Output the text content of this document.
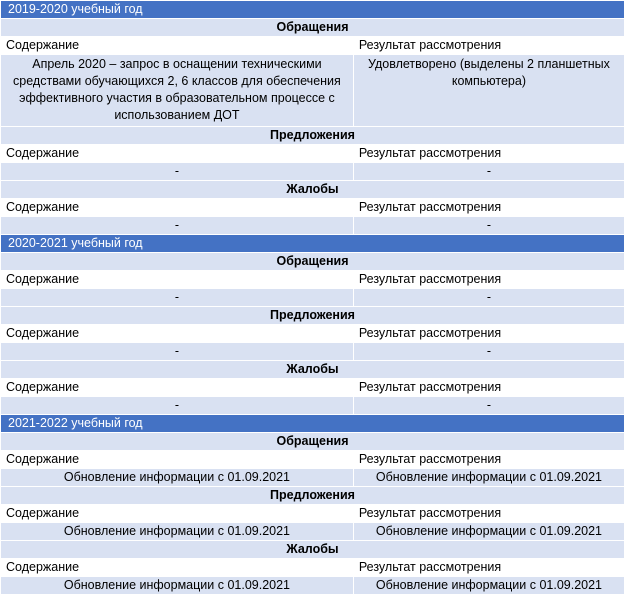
2019-2020 учебный год	
Обращения	
Содержание	Результат рассмотрения
Апрель 2020 – запрос в оснащении техническими средствами обучающихся 2, 6 классов для обеспечения эффективного участия в образовательном процессе с использованием ДОТ	Удовлетворено (выделены 2 планшетных компьютера)
Предложения	
Содержание	Результат рассмотрения
-	-
Жалобы	
Содержание	Результат рассмотрения
-	-
2020-2021 учебный год	
Обращения	
Содержание	Результат рассмотрения
-	-
Предложения	
Содержание	Результат рассмотрения
-	-
Жалобы	
Содержание	Результат рассмотрения
-	-
2021-2022 учебный год	
Обращения	
Содержание	Результат рассмотрения
Обновление информации с 01.09.2021	Обновление информации с 01.09.2021
Предложения	
Содержание	Результат рассмотрения
Обновление информации с 01.09.2021	Обновление информации с 01.09.2021
Жалобы	
Содержание	Результат рассмотрения
Обновление информации с 01.09.2021	Обновление информации с 01.09.2021
